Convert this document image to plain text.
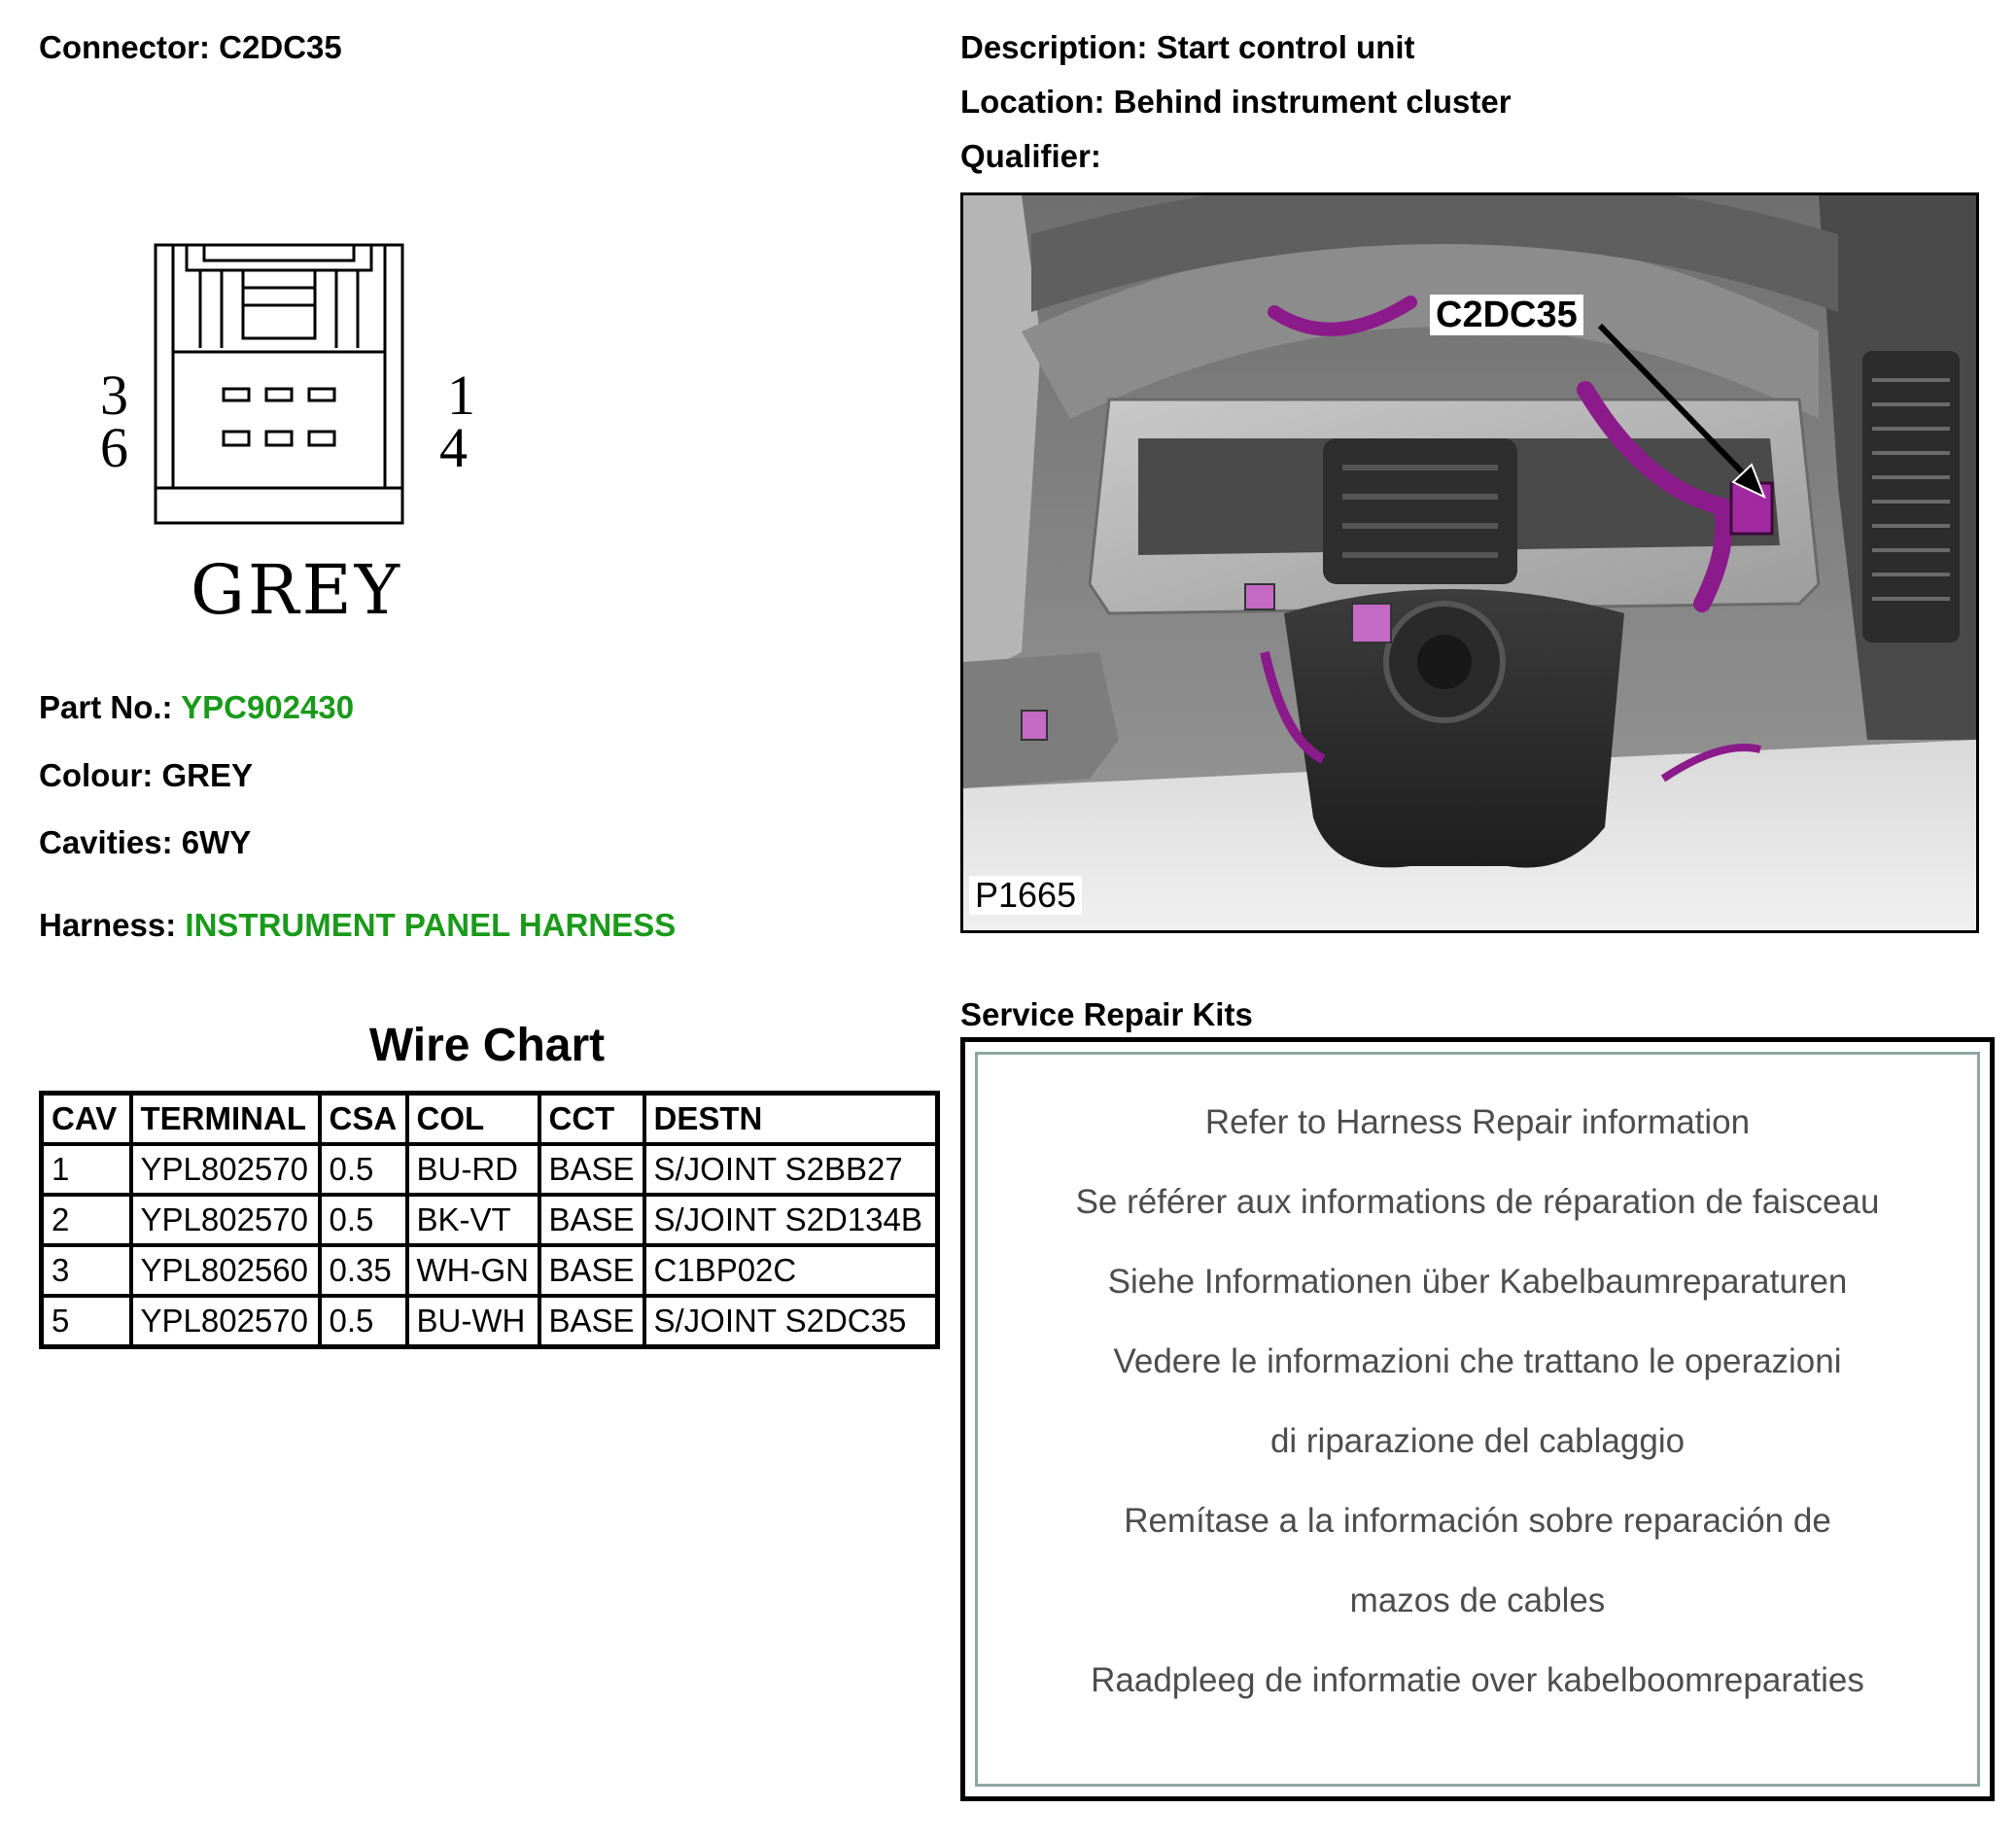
Connector: C2DC35	Description: Start control unit
Location: Behind instrument cluster
Qualifier:
3
6
1
4
GREY
Part No.: YPC902430
Colour: GREY
Cavities: 6WY
Harness: INSTRUMENT PANEL HARNESS
Wire Chart
CAV	TERMINAL	CSA	COL	CCT	DESTN
1	YPL802570	0.5	BU-RD	BASE	S/JOINT S2BB27
2	YPL802570	0.5	BK-VT	BASE	S/JOINT S2D134B
3	YPL802560	0.35	WH-GN	BASE	C1BP02C
5	YPL802570	0.5	BU-WH	BASE	S/JOINT S2DC35
C2DC35
P1665
Service Repair Kits
Refer to Harness Repair information
Se référer aux informations de réparation de faisceau
Siehe Informationen über Kabelbaumreparaturen
Vedere le informazioni che trattano le operazioni
di riparazione del cablaggio
Remítase a la información sobre reparación de
mazos de cables
Raadpleeg de informatie over kabelboomreparaties
